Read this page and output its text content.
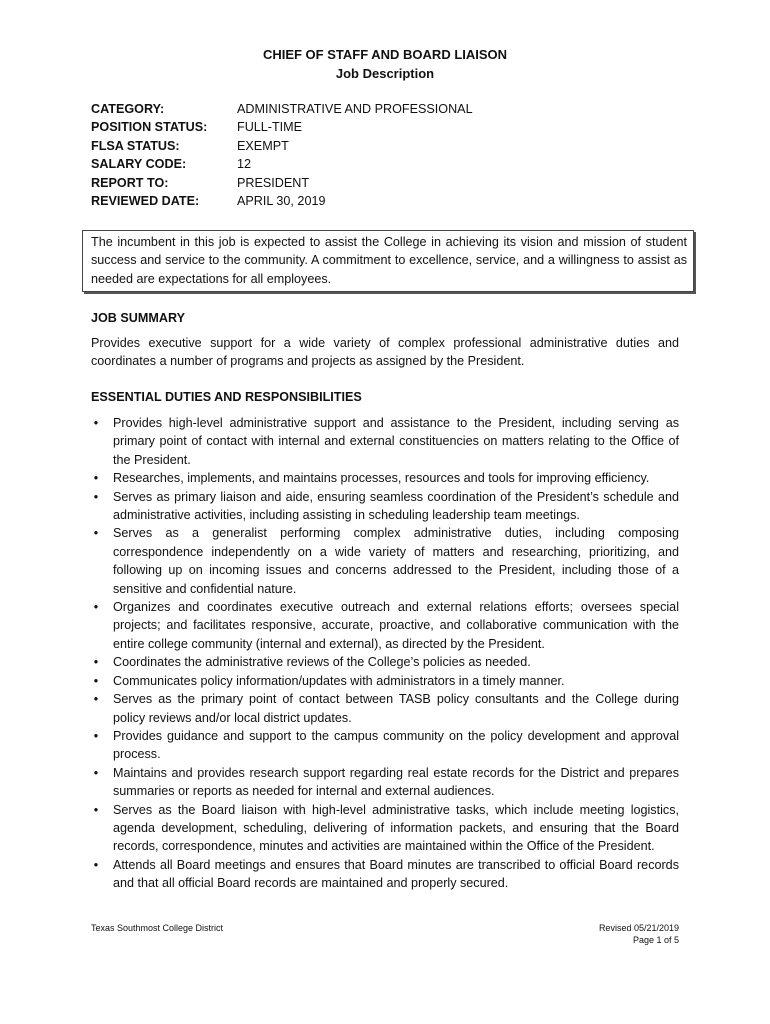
CHIEF OF STAFF AND BOARD LIAISON
Job Description
CATEGORY:	ADMINISTRATIVE AND PROFESSIONAL
POSITION STATUS:	FULL-TIME
FLSA STATUS:	EXEMPT
SALARY CODE:	12
REPORT TO:	PRESIDENT
REVIEWED DATE:	APRIL 30, 2019
The incumbent in this job is expected to assist the College in achieving its vision and mission of student success and service to the community. A commitment to excellence, service, and a willingness to assist as needed are expectations for all employees.
JOB SUMMARY
Provides executive support for a wide variety of complex professional administrative duties and coordinates a number of programs and projects as assigned by the President.
ESSENTIAL DUTIES AND RESPONSIBILITIES
• Provides high-level administrative support and assistance to the President, including serving as primary point of contact with internal and external constituencies on matters relating to the Office of the President.
• Researches, implements, and maintains processes, resources and tools for improving efficiency.
• Serves as primary liaison and aide, ensuring seamless coordination of the President’s schedule and administrative activities, including assisting in scheduling leadership team meetings.
• Serves as a generalist performing complex administrative duties, including composing correspondence independently on a wide variety of matters and researching, prioritizing, and following up on incoming issues and concerns addressed to the President, including those of a sensitive and confidential nature.
• Organizes and coordinates executive outreach and external relations efforts; oversees special projects; and facilitates responsive, accurate, proactive, and collaborative communication with the entire college community (internal and external), as directed by the President.
• Coordinates the administrative reviews of the College’s policies as needed.
• Communicates policy information/updates with administrators in a timely manner.
• Serves as the primary point of contact between TASB policy consultants and the College during policy reviews and/or local district updates.
• Provides guidance and support to the campus community on the policy development and approval process.
• Maintains and provides research support regarding real estate records for the District and prepares summaries or reports as needed for internal and external audiences.
• Serves as the Board liaison with high-level administrative tasks, which include meeting logistics, agenda development, scheduling, delivering of information packets, and ensuring that the Board records, correspondence, minutes and activities are maintained within the Office of the President.
• Attends all Board meetings and ensures that Board minutes are transcribed to official Board records and that all official Board records are maintained and properly secured.
Texas Southmost College District	Revised 05/21/2019
Page 1 of 5
